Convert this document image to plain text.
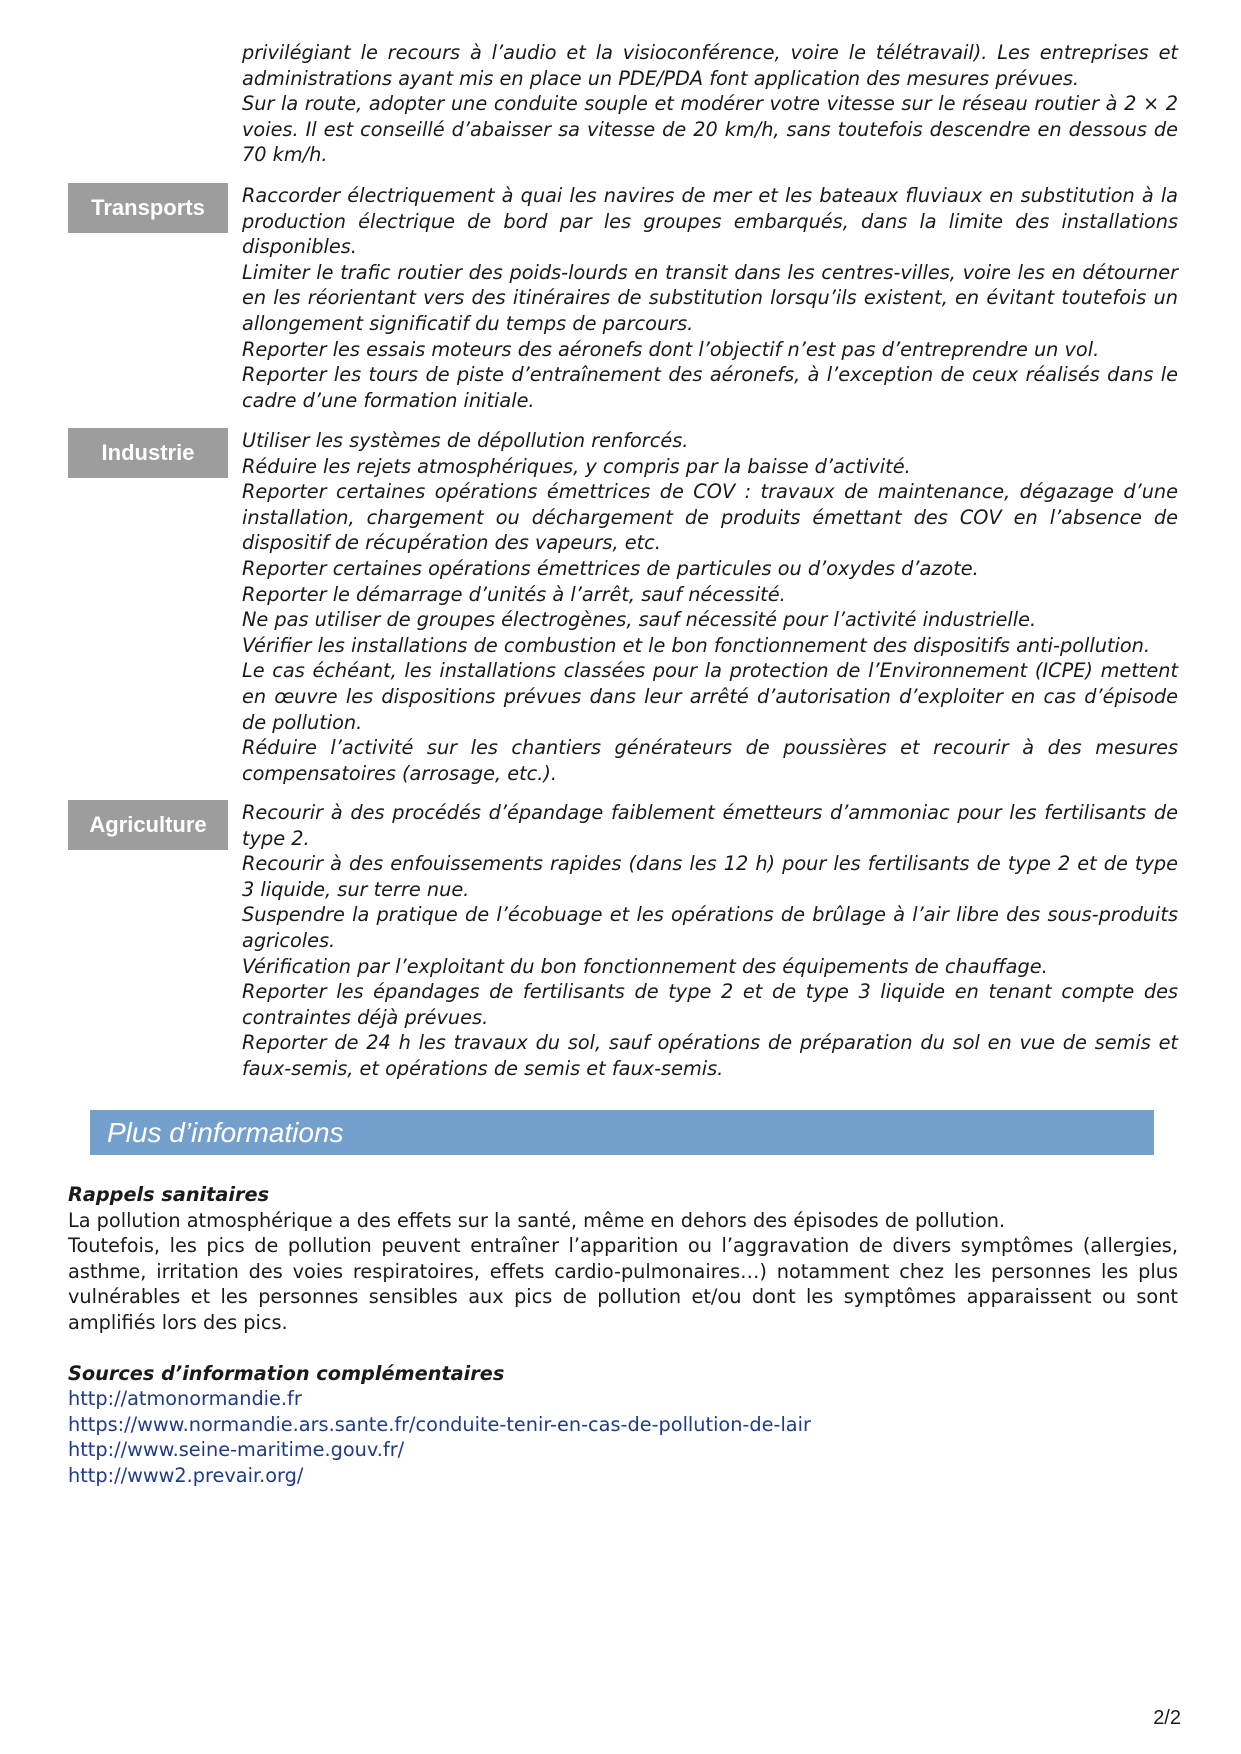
privilégiant le recours à l’audio et la visioconférence, voire le télétravail). Les entreprises et administrations ayant mis en place un PDE/PDA font application des mesures prévues.

Sur la route, adopter une conduite souple et modérer votre vitesse sur le réseau routier à 2 × 2 voies. Il est conseillé d’abaisser sa vitesse de 20 km/h, sans toutefois descendre en dessous de 70 km/h.

Transports	Raccorder électriquement à quai les navires de mer et les bateaux fluviaux en substitution à la production électrique de bord par les groupes embarqués, dans la limite des installations disponibles.

Limiter le trafic routier des poids-lourds en transit dans les centres-villes, voire les en détourner en les réorientant vers des itinéraires de substitution lorsqu’ils existent, en évitant toutefois un allongement significatif du temps de parcours.

Reporter les essais moteurs des aéronefs dont l’objectif n’est pas d’entreprendre un vol.

Reporter les tours de piste d’entraînement des aéronefs, à l’exception de ceux réalisés dans le cadre d’une formation initiale.

Industrie	Utiliser les systèmes de dépollution renforcés.

Réduire les rejets atmosphériques, y compris par la baisse d’activité.

Reporter certaines opérations émettrices de COV : travaux de maintenance, dégazage d’une installation, chargement ou déchargement de produits émettant des COV en l’absence de dispositif de récupération des vapeurs, etc.

Reporter certaines opérations émettrices de particules ou d’oxydes d’azote.

Reporter le démarrage d’unités à l’arrêt, sauf nécessité.

Ne pas utiliser de groupes électrogènes, sauf nécessité pour l’activité industrielle.

Vérifier les installations de combustion et le bon fonctionnement des dispositifs anti-pollution.

Le cas échéant, les installations classées pour la protection de l’Environnement (ICPE) mettent en œuvre les dispositions prévues dans leur arrêté d’autorisation d’exploiter en cas d’épisode de pollution.

Réduire l’activité sur les chantiers générateurs de poussières et recourir à des mesures compensatoires (arrosage, etc.).

Agriculture	Recourir à des procédés d’épandage faiblement émetteurs d’ammoniac pour les fertilisants de type 2.

Recourir à des enfouissements rapides (dans les 12 h) pour les fertilisants de type 2 et de type 3 liquide, sur terre nue.

Suspendre la pratique de l’écobuage et les opérations de brûlage à l’air libre des sous-produits agricoles.

Vérification par l’exploitant du bon fonctionnement des équipements de chauffage.

Reporter les épandages de fertilisants de type 2 et de type 3 liquide en tenant compte des contraintes déjà prévues.

Reporter de 24 h les travaux du sol, sauf opérations de préparation du sol en vue de semis et faux-semis, et opérations de semis et faux-semis.

Plus d’informations

Rappels sanitaires

La pollution atmosphérique a des effets sur la santé, même en dehors des épisodes de pollution.

Toutefois, les pics de pollution peuvent entraîner l’apparition ou l’aggravation de divers symptômes (allergies, asthme, irritation des voies respiratoires, effets cardio-pulmonaires…) notamment chez les personnes les plus vulnérables et les personnes sensibles aux pics de pollution et/ou dont les symptômes apparaissent ou sont amplifiés lors des pics.

Sources d’information complémentaires

http://atmonormandie.fr
https://www.normandie.ars.sante.fr/conduite-tenir-en-cas-de-pollution-de-lair
http://www.seine-maritime.gouv.fr/
http://www2.prevair.org/
2/2
